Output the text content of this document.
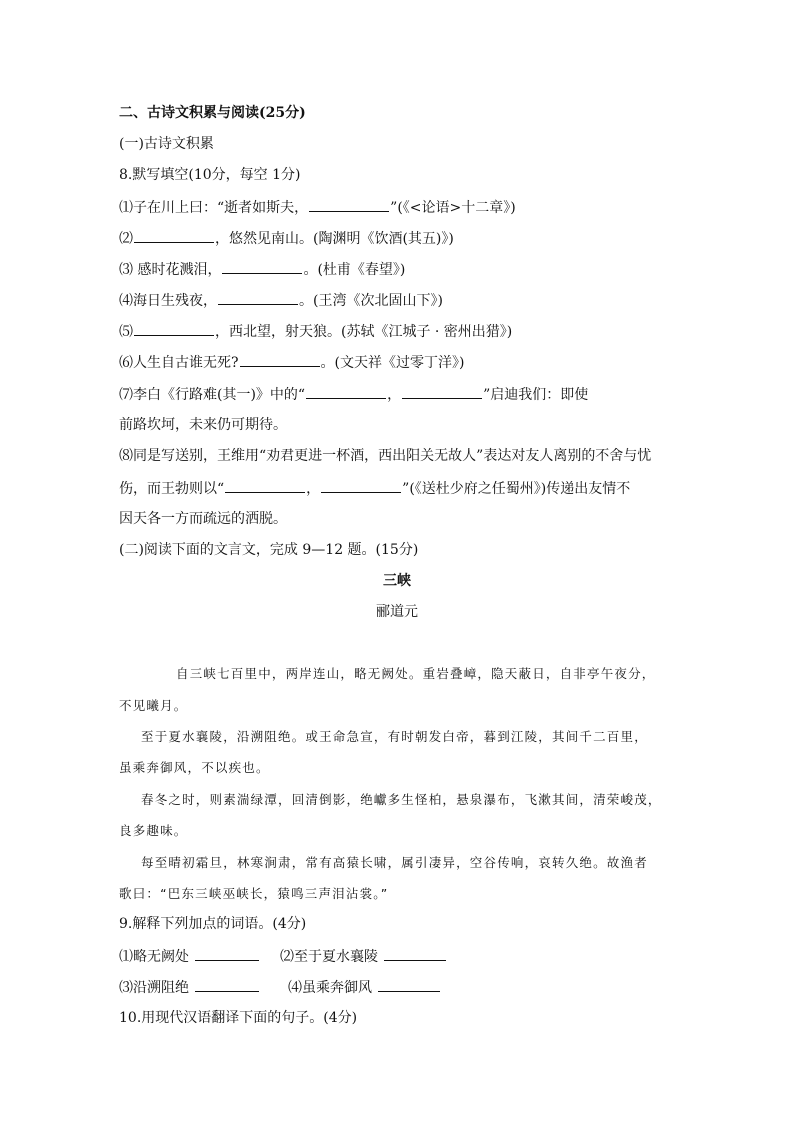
二、古诗文积累与阅读(25分)
(一)古诗文积累
8.默写填空(10分，每空 1分)
⑴子在川上曰：“逝者如斯夫，	”(《<论语>十二章》)
⑵	，悠然见南山。(陶渊明《饮酒(其五)》)
⑶ 感时花溅泪，	。(杜甫《春望》)
⑷海日生残夜，	。(王湾《次北固山下》)
⑸	，西北望，射天狼。(苏轼《江城子 · 密州出猎》)
⑹人生自古谁无死?	。(文天祥《过零丁洋》)
⑺李白《行路难(其一)》中的“	，	”启迪我们：即使
前路坎坷，未来仍可期待。
⑻同是写送别，王维用“劝君更进一杯酒，西出阳关无故人”表达对友人离别的不舍与忧
伤，而王勃则以“	，	”(《送杜少府之任蜀州》)传递出友情不
因天各一方而疏远的洒脱。
(二)阅读下面的文言文，完成 9—12 题。(15分)
三峡
郦道元
自三峡七百里中，两岸连山，略无阙处。重岩叠嶂，隐天蔽日，自非亭午夜分，
不见曦月。
至于夏水襄陵，沿溯阻绝。或王命急宣，有时朝发白帝，暮到江陵，其间千二百里，
虽乘奔御风，不以疾也。
春冬之时，则素湍绿潭，回清倒影，绝巘多生怪柏，悬泉瀑布，飞漱其间，清荣峻茂，
良多趣味。
每至晴初霜旦，林寒涧肃，常有高猿长啸，属引凄异，空谷传响，哀转久绝。故渔者
歌曰：“巴东三峡巫峡长，猿鸣三声泪沾裳。”
9.解释下列加点的词语。(4分)
⑴略无阙处	⑵至于夏水襄陵
⑶沿溯阻绝	⑷虽乘奔御风
10.用现代汉语翻译下面的句子。(4分)
